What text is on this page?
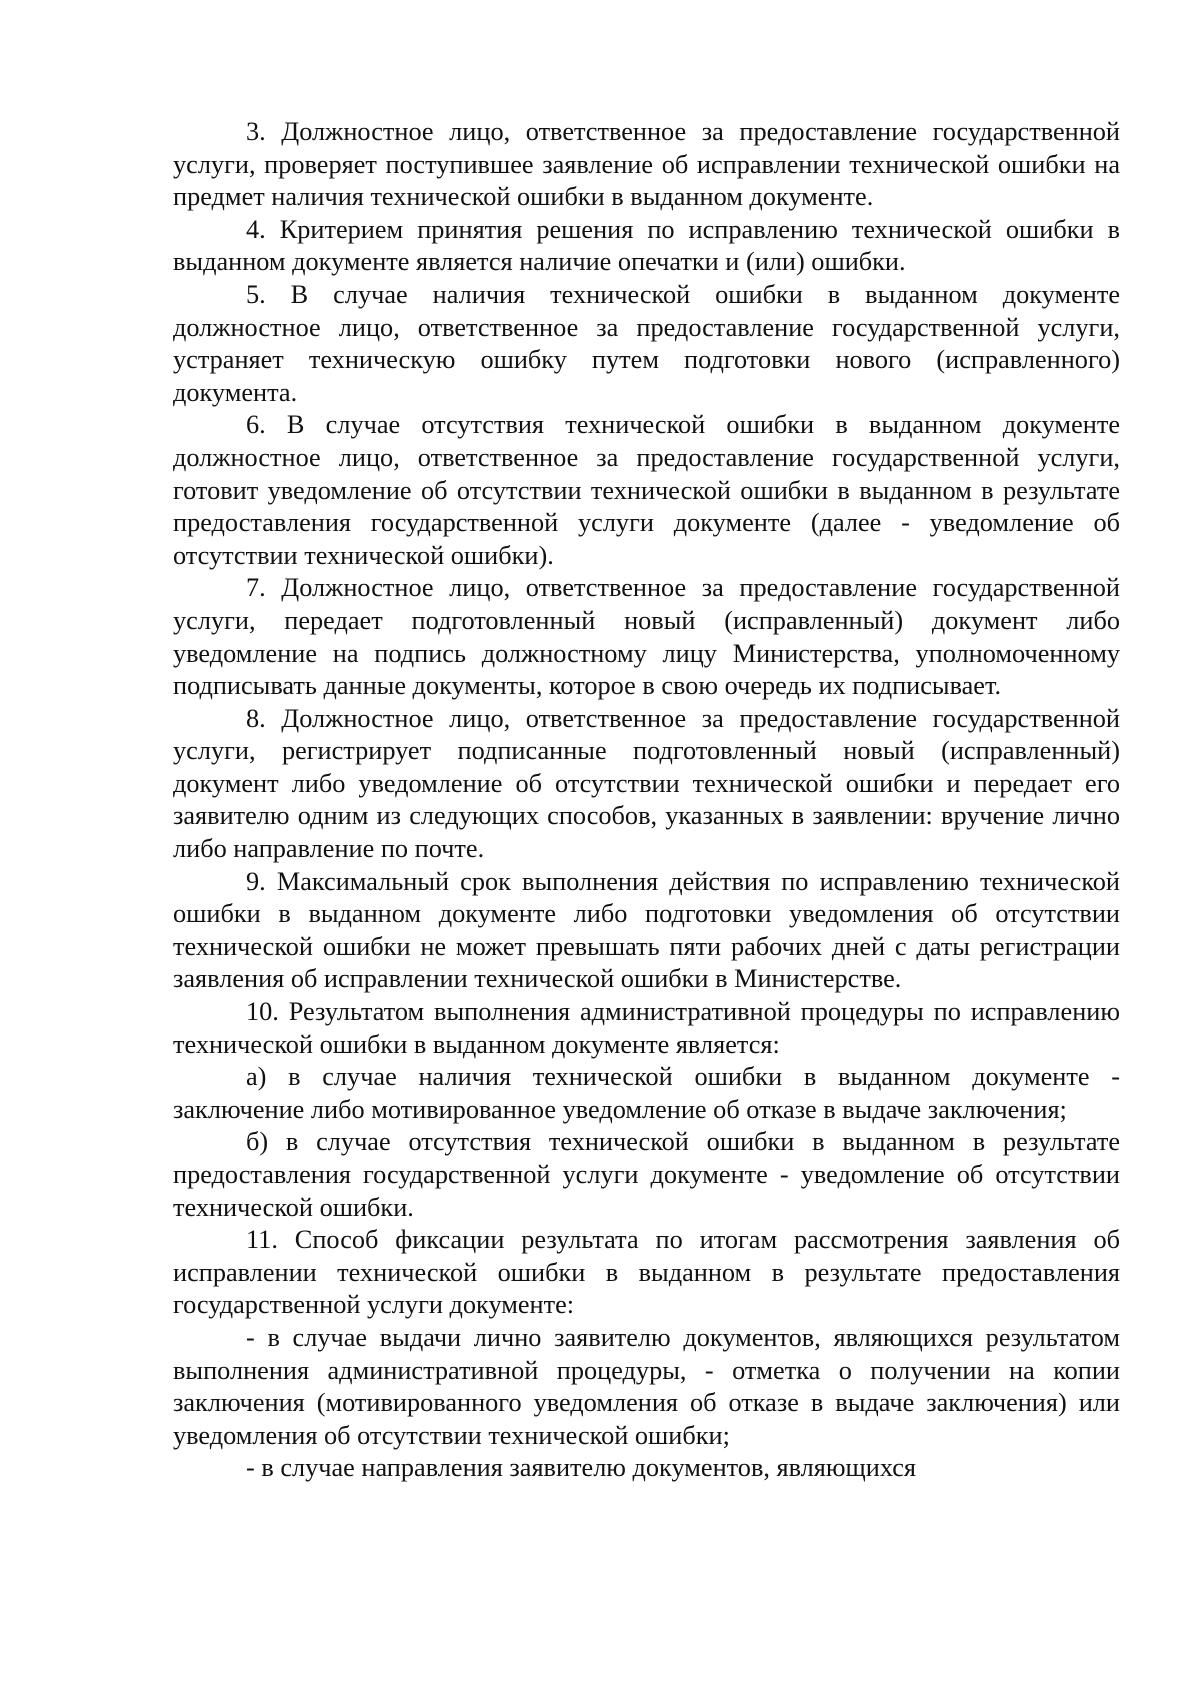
3. Должностное лицо, ответственное за предоставление государственной услуги, проверяет поступившее заявление об исправлении технической ошибки на предмет наличия технической ошибки в выданном документе.

4. Критерием принятия решения по исправлению технической ошибки в выданном документе является наличие опечатки и (или) ошибки.

5. В случае наличия технической ошибки в выданном документе должностное лицо, ответственное за предоставление государственной услуги, устраняет техническую ошибку путем подготовки нового (исправленного) документа.

6. В случае отсутствия технической ошибки в выданном документе должностное лицо, ответственное за предоставление государственной услуги, готовит уведомление об отсутствии технической ошибки в выданном в результате предоставления государственной услуги документе (далее - уведомление об отсутствии технической ошибки).

7. Должностное лицо, ответственное за предоставление государственной услуги, передает подготовленный новый (исправленный) документ либо уведомление на подпись должностному лицу Министерства, уполномоченному подписывать данные документы, которое в свою очередь их подписывает.

8. Должностное лицо, ответственное за предоставление государственной услуги, регистрирует подписанные подготовленный новый (исправленный) документ либо уведомление об отсутствии технической ошибки и передает его заявителю одним из следующих способов, указанных в заявлении: вручение лично либо направление по почте.

9. Максимальный срок выполнения действия по исправлению технической ошибки в выданном документе либо подготовки уведомления об отсутствии технической ошибки не может превышать пяти рабочих дней с даты регистрации заявления об исправлении технической ошибки в Министерстве.

10. Результатом выполнения административной процедуры по исправлению технической ошибки в выданном документе является:

а) в случае наличия технической ошибки в выданном документе - заключение либо мотивированное уведомление об отказе в выдаче заключения;

б) в случае отсутствия технической ошибки в выданном в результате предоставления государственной услуги документе - уведомление об отсутствии технической ошибки.

11. Способ фиксации результата по итогам рассмотрения заявления об исправлении технической ошибки в выданном в результате предоставления государственной услуги документе:

- в случае выдачи лично заявителю документов, являющихся результатом выполнения административной процедуры, - отметка о получении на копии заключения (мотивированного уведомления об отказе в выдаче заключения) или уведомления об отсутствии технической ошибки;

- в случае направления заявителю документов, являющихся
